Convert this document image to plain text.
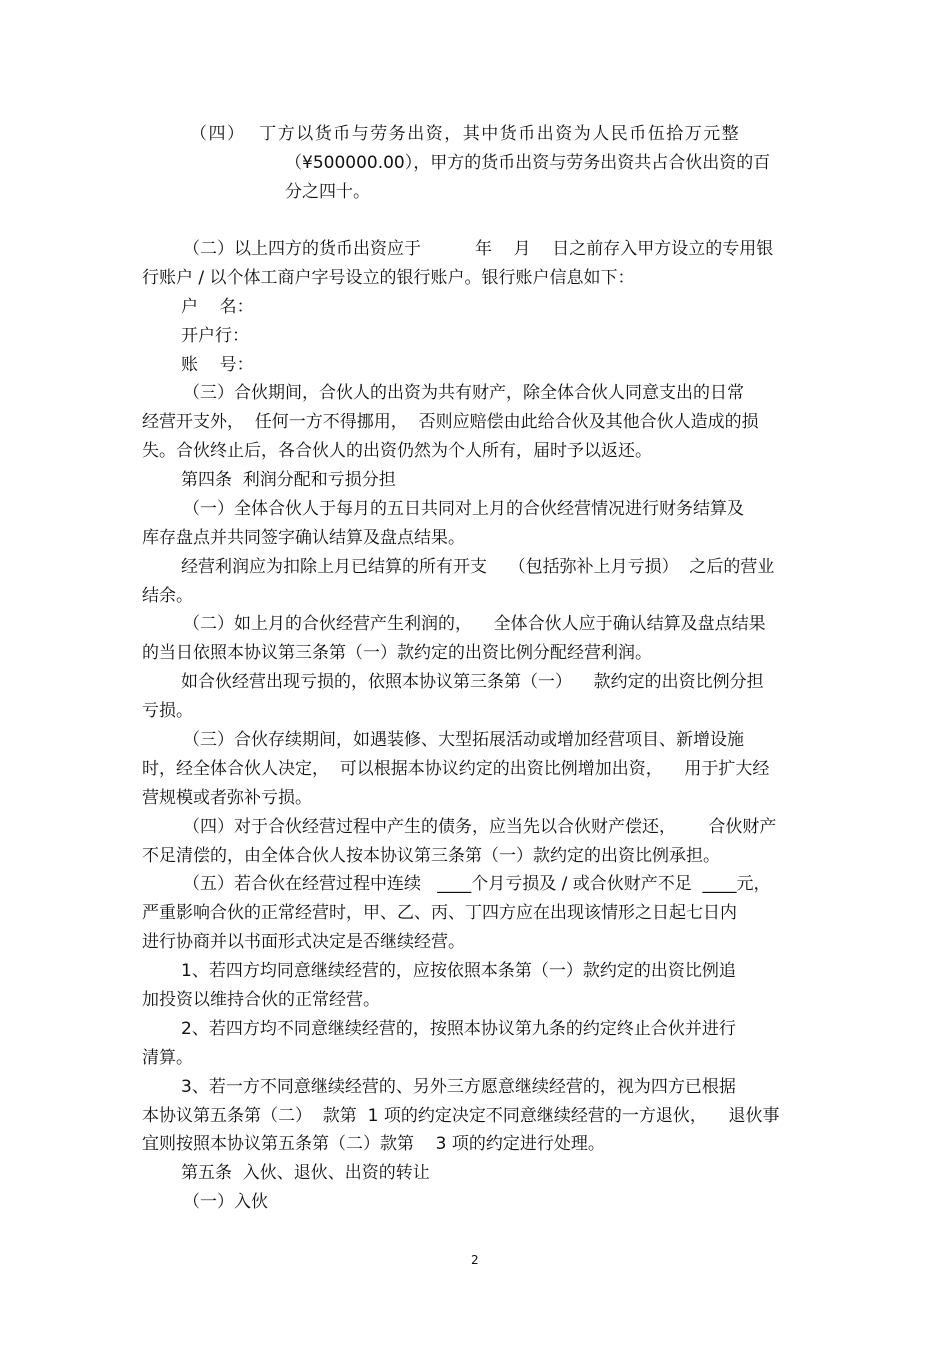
（四）  丁方以货币与劳务出资，其中货币出资为人民币伍拾万元整
（¥500000.00），甲方的货币出资与劳务出资共占合伙出资的百
分之四十。
（二）以上四方的货币出资应于          年    月    日之前存入甲方设立的专用银
行账户 / 以个体工商户字号设立的银行账户。银行账户信息如下：
户    名：
开户行：
账    号：
（三）合伙期间，合伙人的出资为共有财产，除全体合伙人同意支出的日常
经营开支外，  任何一方不得挪用，  否则应赔偿由此给合伙及其他合伙人造成的损
失。合伙终止后，各合伙人的出资仍然为个人所有，届时予以返还。
第四条  利润分配和亏损分担
（一）全体合伙人于每月的五日共同对上月的合伙经营情况进行财务结算及
库存盘点并共同签字确认结算及盘点结果。
经营利润应为扣除上月已结算的所有开支    （包括弥补上月亏损）  之后的营业
结余。
（二）如上月的合伙经营产生利润的，    全体合伙人应于确认结算及盘点结果
的当日依照本协议第三条第（一）款约定的出资比例分配经营利润。
如合伙经营出现亏损的，依照本协议第三条第（一）    款约定的出资比例分担
亏损。
（三）合伙存续期间，如遇装修、大型拓展活动或增加经营项目、新增设施
时，经全体合伙人决定，  可以根据本协议约定的出资比例增加出资，    用于扩大经
营规模或者弥补亏损。
（四）对于合伙经营过程中产生的债务，应当先以合伙财产偿还，      合伙财产
不足清偿的，由全体合伙人按本协议第三条第（一）款约定的出资比例承担。
（五）若合伙在经营过程中连续   ____个月亏损及 / 或合伙财产不足  ____元，
严重影响合伙的正常经营时，甲、乙、丙、丁四方应在出现该情形之日起七日内
进行协商并以书面形式决定是否继续经营。
1、若四方均同意继续经营的，应按依照本条第（一）款约定的出资比例追
加投资以维持合伙的正常经营。
2、若四方均不同意继续经营的，按照本协议第九条的约定终止合伙并进行
清算。
3、若一方不同意继续经营的、另外三方愿意继续经营的，视为四方已根据
本协议第五条第（二）  款第  1 项的约定决定不同意继续经营的一方退伙，    退伙事
宜则按照本协议第五条第（二）款第    3 项的约定进行处理。
第五条  入伙、退伙、出资的转让
（一）入伙
2
